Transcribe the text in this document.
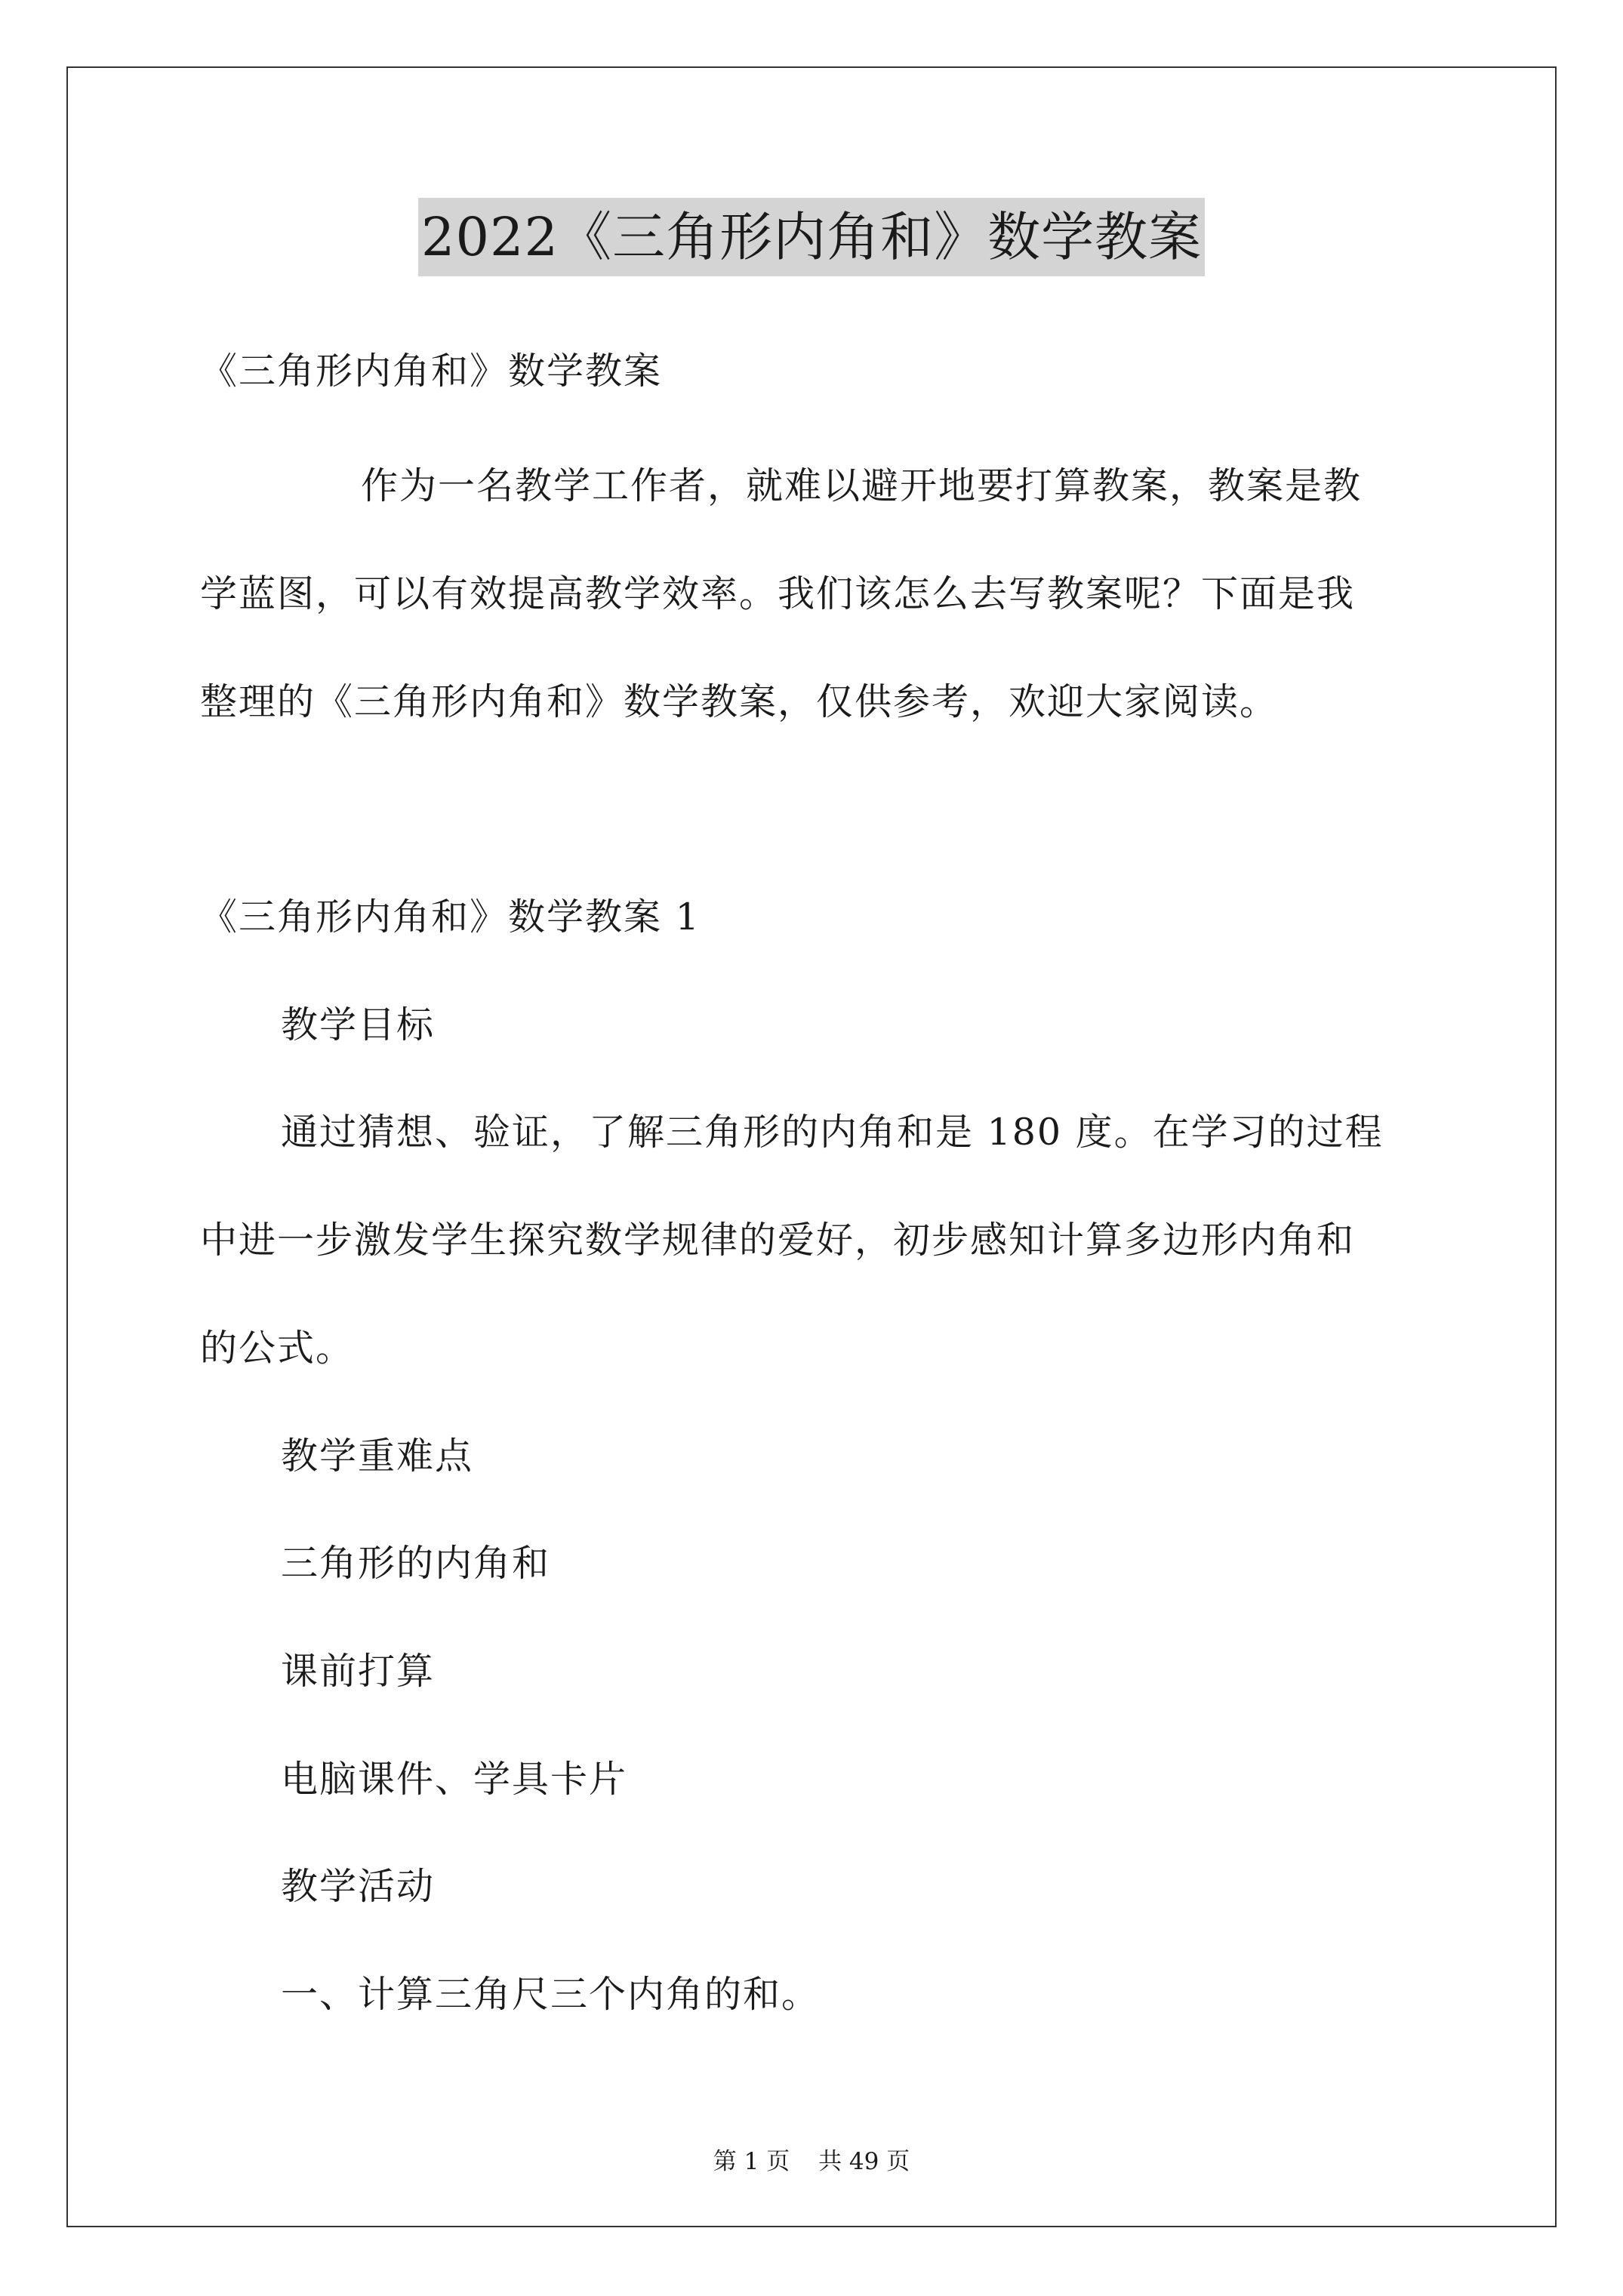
2022《三角形内角和》数学教案
《三角形内角和》数学教案
作为一名教学工作者，就难以避开地要打算教案，教案是教
学蓝图，可以有效提高教学效率。我们该怎么去写教案呢？下面是我
整理的《三角形内角和》数学教案，仅供参考，欢迎大家阅读。
《三角形内角和》数学教案 1
教学目标
通过猜想、验证，了解三角形的内角和是 180 度。在学习的过程
中进一步激发学生探究数学规律的爱好，初步感知计算多边形内角和
的公式。
教学重难点
三角形的内角和
课前打算
电脑课件、学具卡片
教学活动
一、计算三角尺三个内角的和。
第 1 页 共 49 页
